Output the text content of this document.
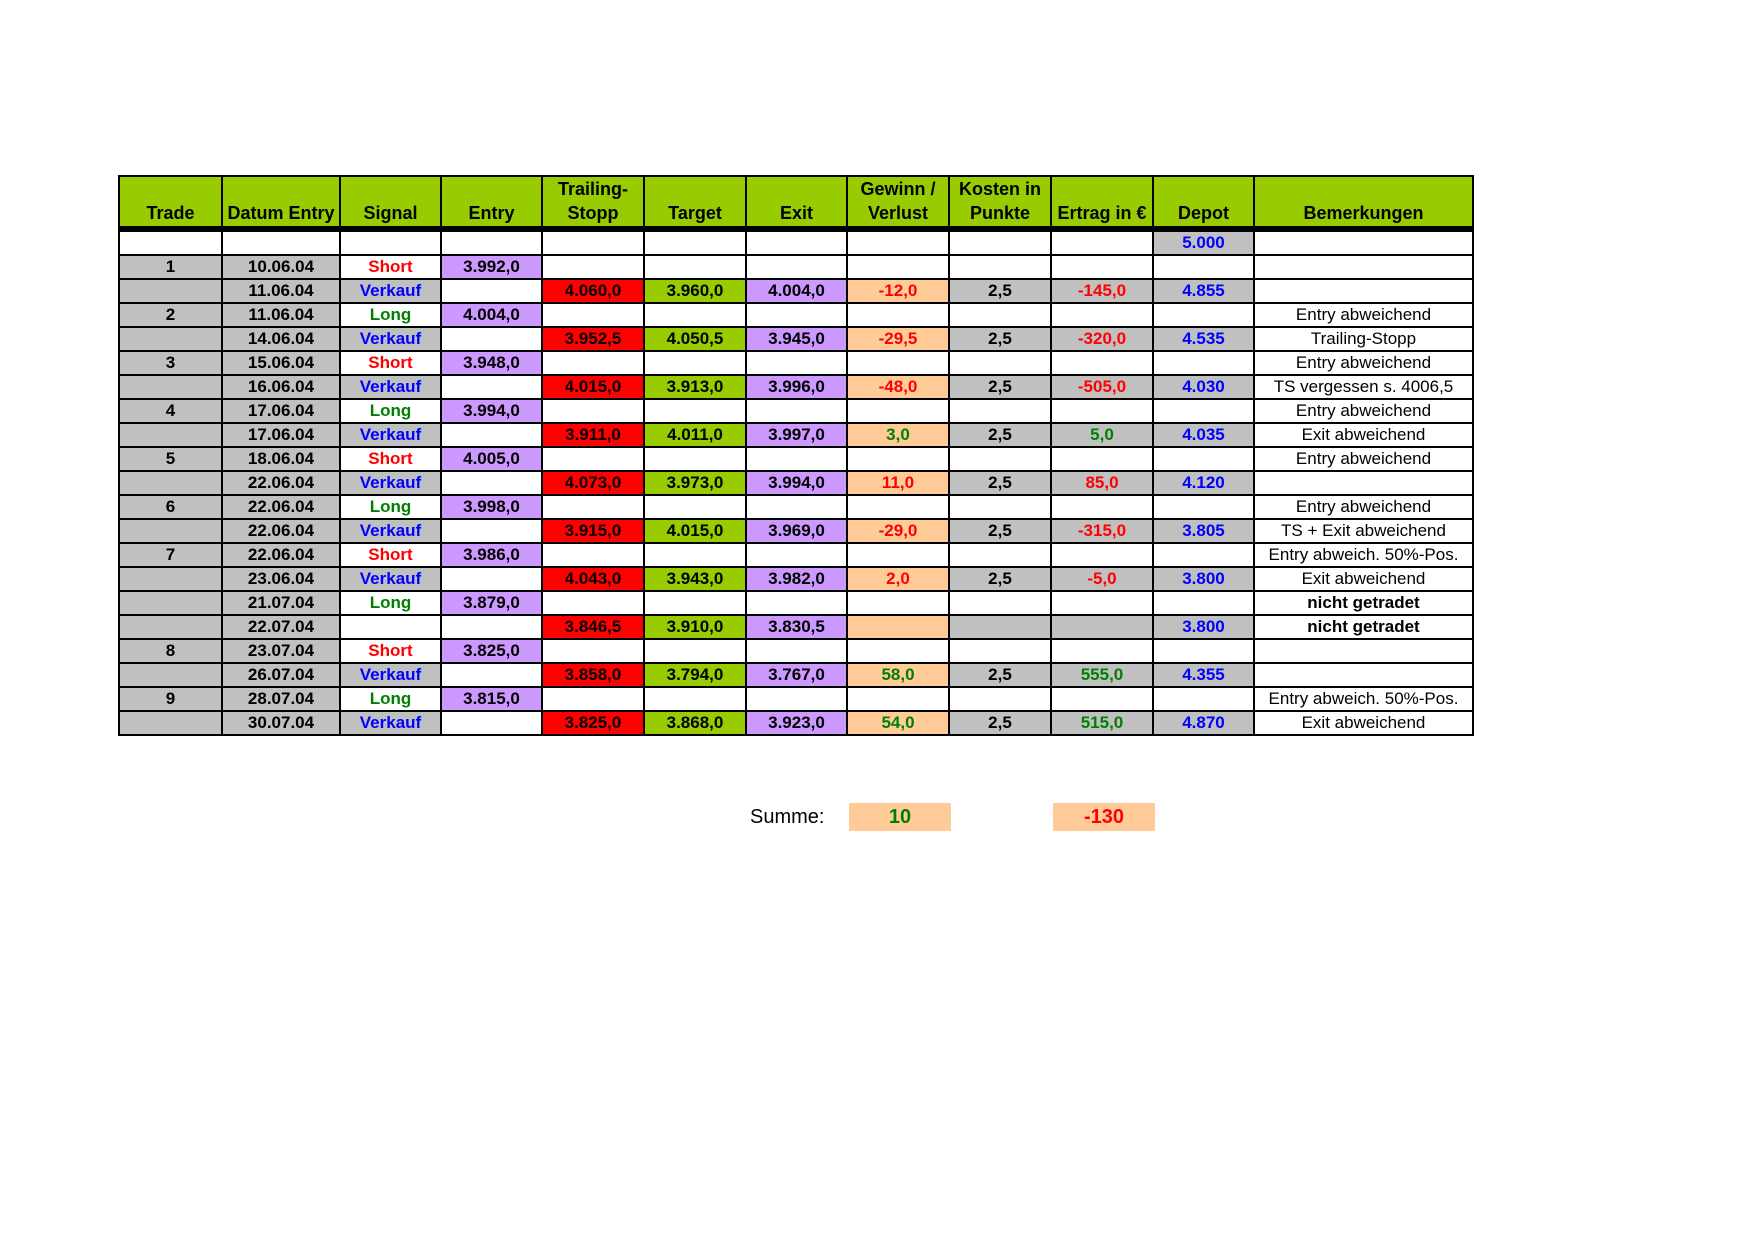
Trade	Datum Entry	Signal	Entry	Trailing- Stopp	Target	Exit	Gewinn / Verlust	Kosten in Punkte	Ertrag in €	Depot	Bemerkungen
										5.000	
1	10.06.04	Short	3.992,0								
	11.06.04	Verkauf		4.060,0	3.960,0	4.004,0	-12,0	2,5	-145,0	4.855	
2	11.06.04	Long	4.004,0								Entry abweichend
	14.06.04	Verkauf		3.952,5	4.050,5	3.945,0	-29,5	2,5	-320,0	4.535	Trailing-Stopp
3	15.06.04	Short	3.948,0								Entry abweichend
	16.06.04	Verkauf		4.015,0	3.913,0	3.996,0	-48,0	2,5	-505,0	4.030	TS vergessen s. 4006,5
4	17.06.04	Long	3.994,0								Entry abweichend
	17.06.04	Verkauf		3.911,0	4.011,0	3.997,0	3,0	2,5	5,0	4.035	Exit abweichend
5	18.06.04	Short	4.005,0								Entry abweichend
	22.06.04	Verkauf		4.073,0	3.973,0	3.994,0	11,0	2,5	85,0	4.120	
6	22.06.04	Long	3.998,0								Entry abweichend
	22.06.04	Verkauf		3.915,0	4.015,0	3.969,0	-29,0	2,5	-315,0	3.805	TS + Exit abweichend
7	22.06.04	Short	3.986,0								Entry abweich. 50%-Pos.
	23.06.04	Verkauf		4.043,0	3.943,0	3.982,0	2,0	2,5	-5,0	3.800	Exit abweichend
	21.07.04	Long	3.879,0								nicht getradet
	22.07.04			3.846,5	3.910,0	3.830,5				3.800	nicht getradet
8	23.07.04	Short	3.825,0								
	26.07.04	Verkauf		3.858,0	3.794,0	3.767,0	58,0	2,5	555,0	4.355	
9	28.07.04	Long	3.815,0								Entry abweich. 50%-Pos.
	30.07.04	Verkauf		3.825,0	3.868,0	3.923,0	54,0	2,5	515,0	4.870	Exit abweichend
Summe:	10	-130
